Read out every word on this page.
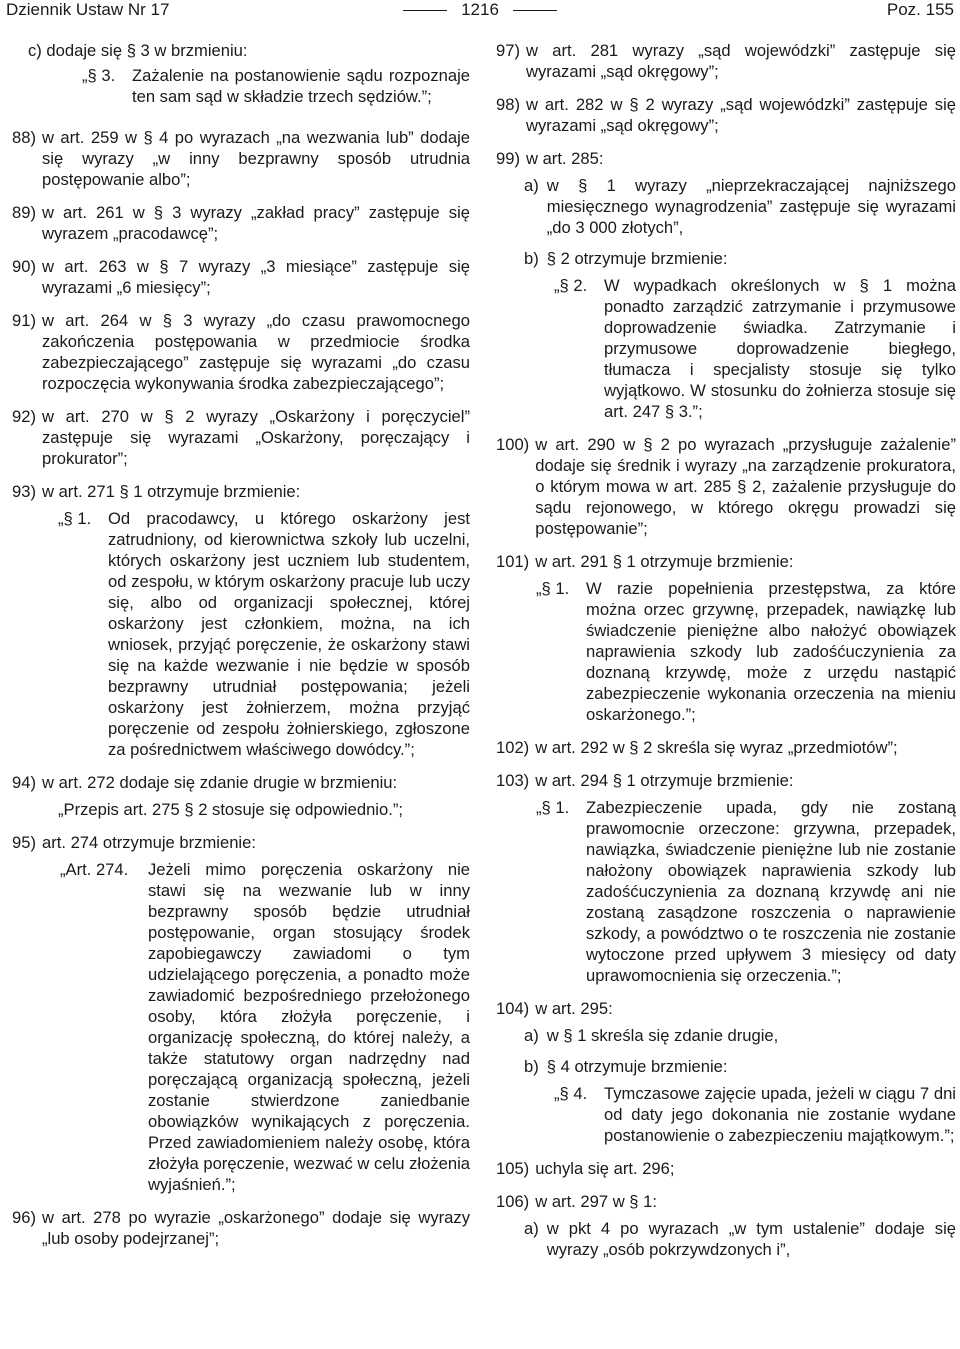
Dziennik Ustaw Nr 17	1216	Poz. 155
c) dodaje się § 3 w brzmieniu:
„§ 3.	Zażalenie na postanowienie sądu rozpoznaje ten sam sąd w składzie trzech sędziów.”;
88) w art. 259 w § 4 po wyrazach „na wezwania lub” dodaje się wyrazy „w inny bezprawny sposób utrudnia postępowanie albo”;
89) w art. 261 w § 3 wyrazy „zakład pracy” zastępuje się wyrazem „pracodawcę”;
90) w art. 263 w § 7 wyrazy „3 miesiące” zastępuje się wyrazami „6 miesięcy”;
91) w art. 264 w § 3 wyrazy „do czasu prawomocnego zakończenia postępowania w przedmiocie środka zabezpieczającego” zastępuje się wyrazami „do czasu rozpoczęcia wykonywania środka zabezpieczającego”;
92) w art. 270 w § 2 wyrazy „Oskarżony i poręczyciel” zastępuje się wyrazami „Oskarżony, poręczający i prokurator”;
93) w art. 271 § 1 otrzymuje brzmienie:
„§ 1.	Od pracodawcy, u którego oskarżony jest zatrudniony, od kierownictwa szkoły lub uczelni, których oskarżony jest uczniem lub studentem, od zespołu, w którym oskarżony pracuje lub uczy się, albo od organizacji społecznej, której oskarżony jest członkiem, można, na ich wniosek, przyjąć poręczenie, że oskarżony stawi się na każde wezwanie i nie będzie w sposób bezprawny utrudniał postępowania; jeżeli oskarżony jest żołnierzem, można przyjąć poręczenie od zespołu żołnierskiego, zgłoszone za pośrednictwem właściwego dowódcy.”;
94) w art. 272 dodaje się zdanie drugie w brzmieniu:
„Przepis art. 275 § 2 stosuje się odpowiednio.”;
95) art. 274 otrzymuje brzmienie:
„Art. 274.	Jeżeli mimo poręczenia oskarżony nie stawi się na wezwanie lub w inny bezprawny sposób będzie utrudniał postępowanie, organ stosujący środek zapobiegawczy zawiadomi o tym udzielającego poręczenia, a ponadto może zawiadomić bezpośredniego przełożonego osoby, która złożyła poręczenie, i organizację społeczną, do której należy, a także statutowy organ nadrzędny nad poręczającą organizacją społeczną, jeżeli zostanie stwierdzone zaniedbanie obowiązków wynikających z poręczenia. Przed zawiadomieniem należy osobę, która złożyła poręczenie, wezwać w celu złożenia wyjaśnień.”;
96) w art. 278 po wyrazie „oskarżonego” dodaje się wyrazy „lub osoby podejrzanej”;
97) w art. 281 wyrazy „sąd wojewódzki” zastępuje się wyrazami „sąd okręgowy”;
98) w art. 282 w § 2 wyrazy „sąd wojewódzki” zastępuje się wyrazami „sąd okręgowy”;
99) w art. 285:
a) w § 1 wyrazy „nieprzekraczającej najniższego miesięcznego wynagrodzenia” zastępuje się wyrazami „do 3 000 złotych”,
b) § 2 otrzymuje brzmienie:
„§ 2.	W wypadkach określonych w § 1 można ponadto zarządzić zatrzymanie i przymusowe doprowadzenie świadka. Zatrzymanie i przymusowe doprowadzenie biegłego, tłumacza i specjalisty stosuje się tylko wyjątkowo. W stosunku do żołnierza stosuje się art. 247 § 3.”;
100) w art. 290 w § 2 po wyrazach „przysługuje zażalenie” dodaje się średnik i wyrazy „na zarządzenie prokuratora, o którym mowa w art. 285 § 2, zażalenie przysługuje do sądu rejonowego, w którego okręgu prowadzi się postępowanie”;
101) w art. 291 § 1 otrzymuje brzmienie:
„§ 1.	W razie popełnienia przestępstwa, za które można orzec grzywnę, przepadek, nawiązkę lub świadczenie pieniężne albo nałożyć obowiązek naprawienia szkody lub zadośćuczynienia za doznaną krzywdę, może z urzędu nastąpić zabezpieczenie wykonania orzeczenia na mieniu oskarżonego.”;
102) w art. 292 w § 2 skreśla się wyraz „przedmiotów”;
103) w art. 294 § 1 otrzymuje brzmienie:
„§ 1.	Zabezpieczenie upada, gdy nie zostaną prawomocnie orzeczone: grzywna, przepadek, nawiązka, świadczenie pieniężne lub nie zostanie nałożony obowiązek naprawienia szkody lub zadośćuczynienia za doznaną krzywdę ani nie zostaną zasądzone roszczenia o naprawienie szkody, a powództwo o te roszczenia nie zostanie wytoczone przed upływem 3 miesięcy od daty uprawomocnienia się orzeczenia.”;
104) w art. 295:
a) w § 1 skreśla się zdanie drugie,
b) § 4 otrzymuje brzmienie:
„§ 4.	Tymczasowe zajęcie upada, jeżeli w ciągu 7 dni od daty jego dokonania nie zostanie wydane postanowienie o zabezpieczeniu majątkowym.”;
105) uchyla się art. 296;
106) w art. 297 w § 1:
a) w pkt 4 po wyrazach „w tym ustalenie” dodaje się wyrazy „osób pokrzywdzonych i”,
